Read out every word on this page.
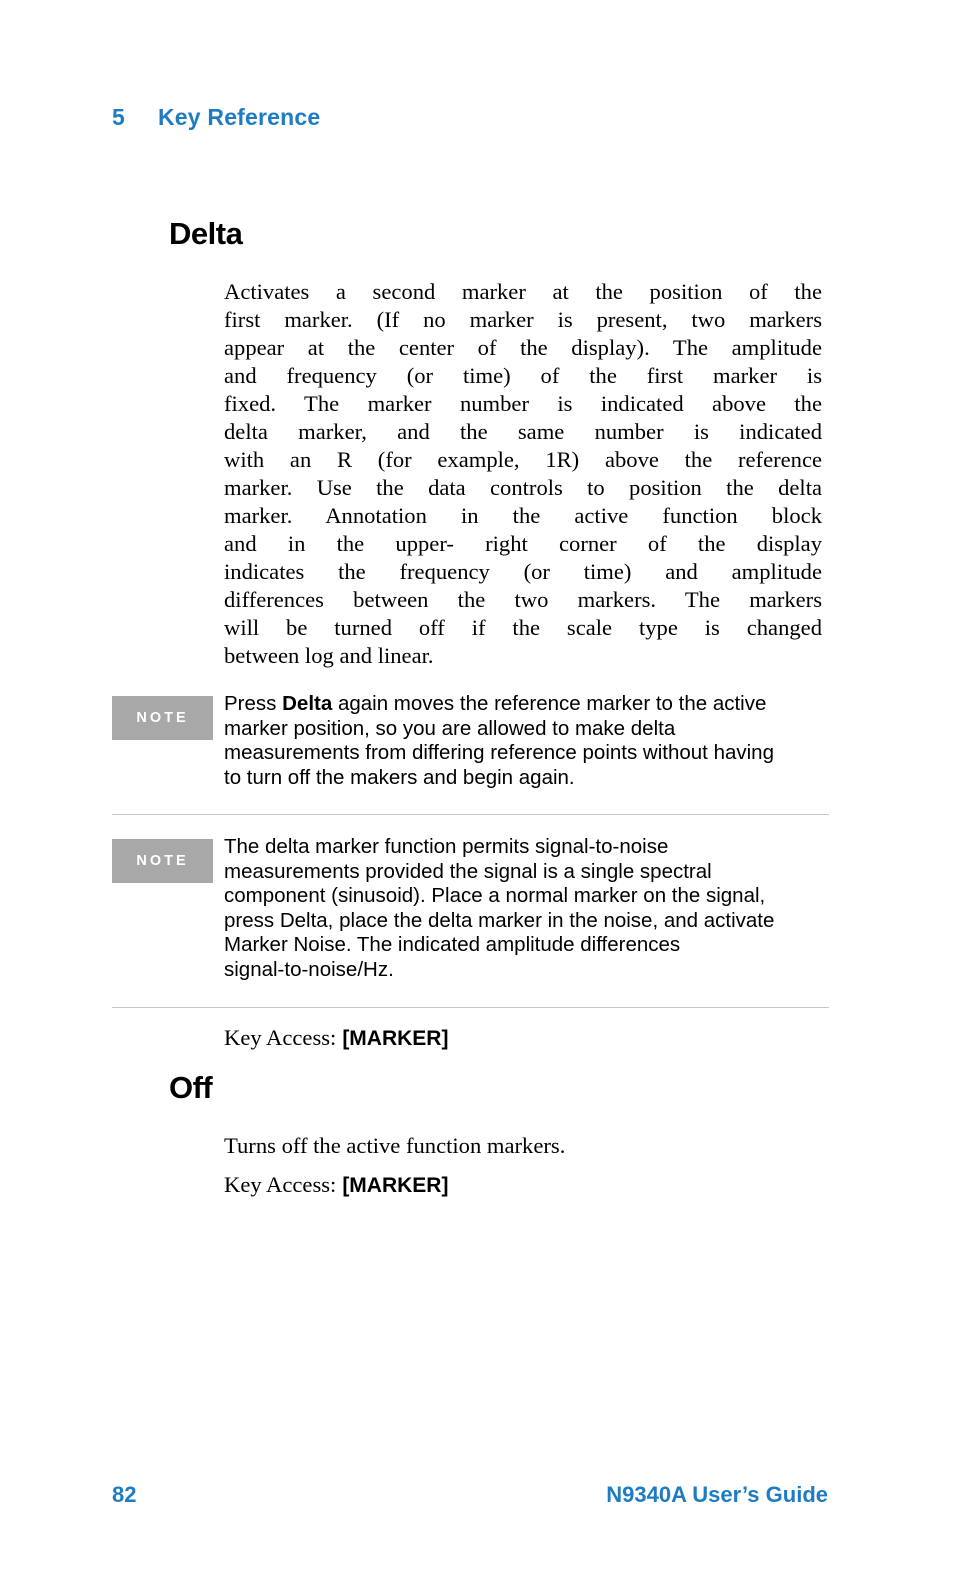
5 Key Reference
Delta
Activates a second marker at the position of the
first marker. (If no marker is present, two markers
appear at the center of the display). The amplitude
and frequency (or time) of the first marker is
fixed. The marker number is indicated above the
delta marker, and the same number is indicated
with an R (for example, 1R) above the reference
marker. Use the data controls to position the delta
marker. Annotation in the active function block
and in the upper- right corner of the display
indicates the frequency (or time) and amplitude
differences between the two markers. The markers
will be turned off if the scale type is changed
between log and linear.
NOTE
Press Delta again moves the reference marker to the active
marker position, so you are allowed to make delta
measurements from differing reference points without having
to turn off the makers and begin again.
NOTE
The delta marker function permits signal-to-noise
measurements provided the signal is a single spectral
component (sinusoid). Place a normal marker on the signal,
press Delta, place the delta marker in the noise, and activate
Marker Noise. The indicated amplitude differences
signal-to-noise/Hz.
Key Access: [MARKER]
Off
Turns off the active function markers.
Key Access: [MARKER]
82	N9340A User’s Guide
